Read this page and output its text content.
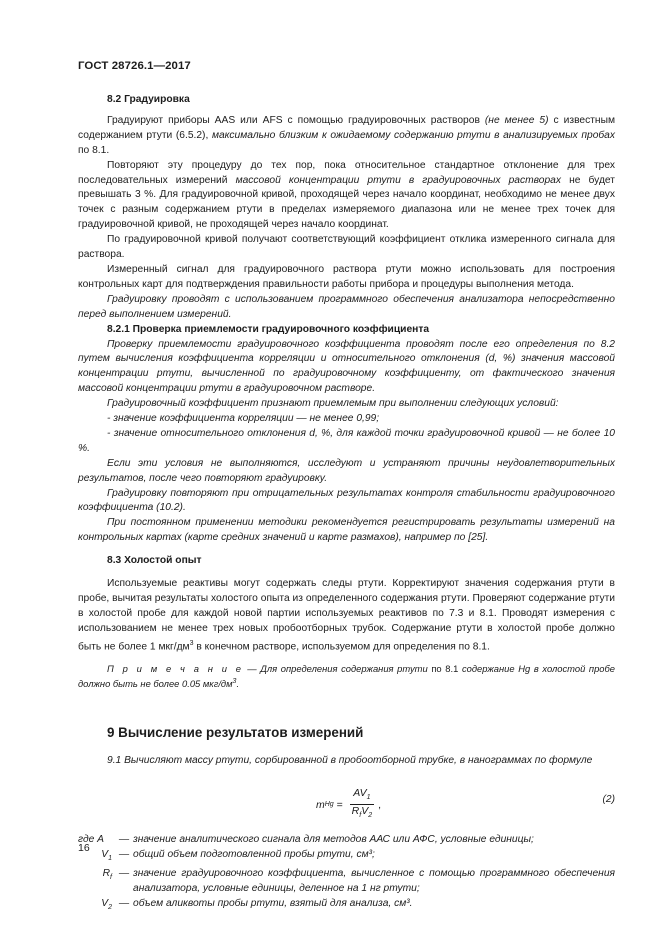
ГОСТ 28726.1—2017
8.2 Градуировка

Градуируют приборы AAS или AFS с помощью градуировочных растворов (не менее 5) с известным содержанием ртути (6.5.2), максимально близким к ожидаемому содержанию ртути в анализируемых пробах по 8.1.

Повторяют эту процедуру до тех пор, пока относительное стандартное отклонение для трех последовательных измерений массовой концентрации ртути в градуировочных растворах не будет превышать 3 %. Для градуировочной кривой, проходящей через начало координат, необходимо не менее двух точек с разным содержанием ртути в пределах измеряемого диапазона или не менее трех точек для градуировочной кривой, не проходящей через начало координат.

По градуировочной кривой получают соответствующий коэффициент отклика измеренного сигнала для раствора.

Измеренный сигнал для градуировочного раствора ртути можно использовать для построения контрольных карт для подтверждения правильности работы прибора и процедуры выполнения метода.

Градуировку проводят с использованием программного обеспечения анализатора непосредственно перед выполнением измерений.

8.2.1 Проверка приемлемости градуировочного коэффициента

Проверку приемлемости градуировочного коэффициента проводят после его определения по 8.2 путем вычисления коэффициента корреляции и относительного отклонения (d, %) значения массовой концентрации ртути, вычисленной по градуировочному коэффициенту, от фактического значения массовой концентрации ртути в градуировочном растворе.

Градуировочный коэффициент признают приемлемым при выполнении следующих условий:

- значение коэффициента корреляции — не менее 0,99;

- значение относительного отклонения d, %, для каждой точки градуировочной кривой — не более 10 %.

Если эти условия не выполняются, исследуют и устраняют причины неудовлетворительных результатов, после чего повторяют градуировку.

Градуировку повторяют при отрицательных результатах контроля стабильности градуировочного коэффициента (10.2).

При постоянном применении методики рекомендуется регистрировать результаты измерений на контрольных картах (карте средних значений и карте размахов), например по [25].

8.3 Холостой опыт

Используемые реактивы могут содержать следы ртути. Корректируют значения содержания ртути в пробе, вычитая результаты холостого опыта из определенного содержания ртути. Проверяют содержание ртути в холостой пробе для каждой новой партии используемых реактивов по 7.3 и 8.1. Проводят измерения с использованием не менее трех новых пробоотборных трубок. Содержание ртути в холостой пробе должно быть не более 1 мкг/$дм^3$ в конечном растворе, используемом для определения по 8.1.

П р и м е ч а н и е — Для определения содержания ртути по 8.1 содержание Hg в холостой пробе должно быть не более 0.05 мкг/$дм^3$.

9 Вычисление результатов измерений

9.1 Вычисляют массу ртути, сорбированной в пробоотборной трубке, в нанограммах по формуле

m $Hg = \frac{AV_1}{R_fV_2}$ ,	(2)
где A	— значение аналитического сигнала для методов ААС или АФС, условные единицы;
$V_1$ — общий объем подготовленной пробы ртути, см³;
$R_f$ — значение градуировочного коэффициента, вычисленное с помощью программного обеспечения анализатора, условные единицы, деленное на 1 нг ртути;
$V_2$ — объем аликвоты пробы ртути, взятый для анализа, см³.
16
